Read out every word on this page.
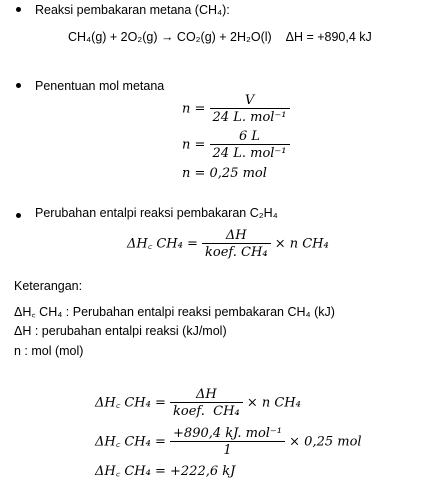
Reaksi pembakaran metana (CH₄):
CH₄(g) + 2O₂(g) → CO₂(g) + 2H₂O(l)    ΔH = +890,4 kJ
Penentuan mol metana
$n = \frac{V}{\text{24 L. mol⁻¹}}$
$n = \frac{6 L}{\text{24 L. mol⁻¹}}$
n = 0,25 mol
Perubahan entalpi reaksi pembakaran C₂H₄
ΔH꜀ $CH_4 = \frac{\Delta H}{\text{koef. CH₄}} \times n$ CH₄
Keterangan:
ΔH꜀ CH₄ : Perubahan entalpi reaksi pembakaran CH₄ (kJ)
ΔH : perubahan entalpi reaksi (kJ/mol)
n : mol (mol)
ΔH꜀ $CH_4 = \frac{\Delta H}{\text{koef.  CH₄}} \times n$ CH₄
ΔH꜀ $CH_4 = \frac{\text{+890,4 kJ. mol⁻¹}}{1} \times 0,25$ mol
ΔH꜀ CH₄ = +222,6 kJ
